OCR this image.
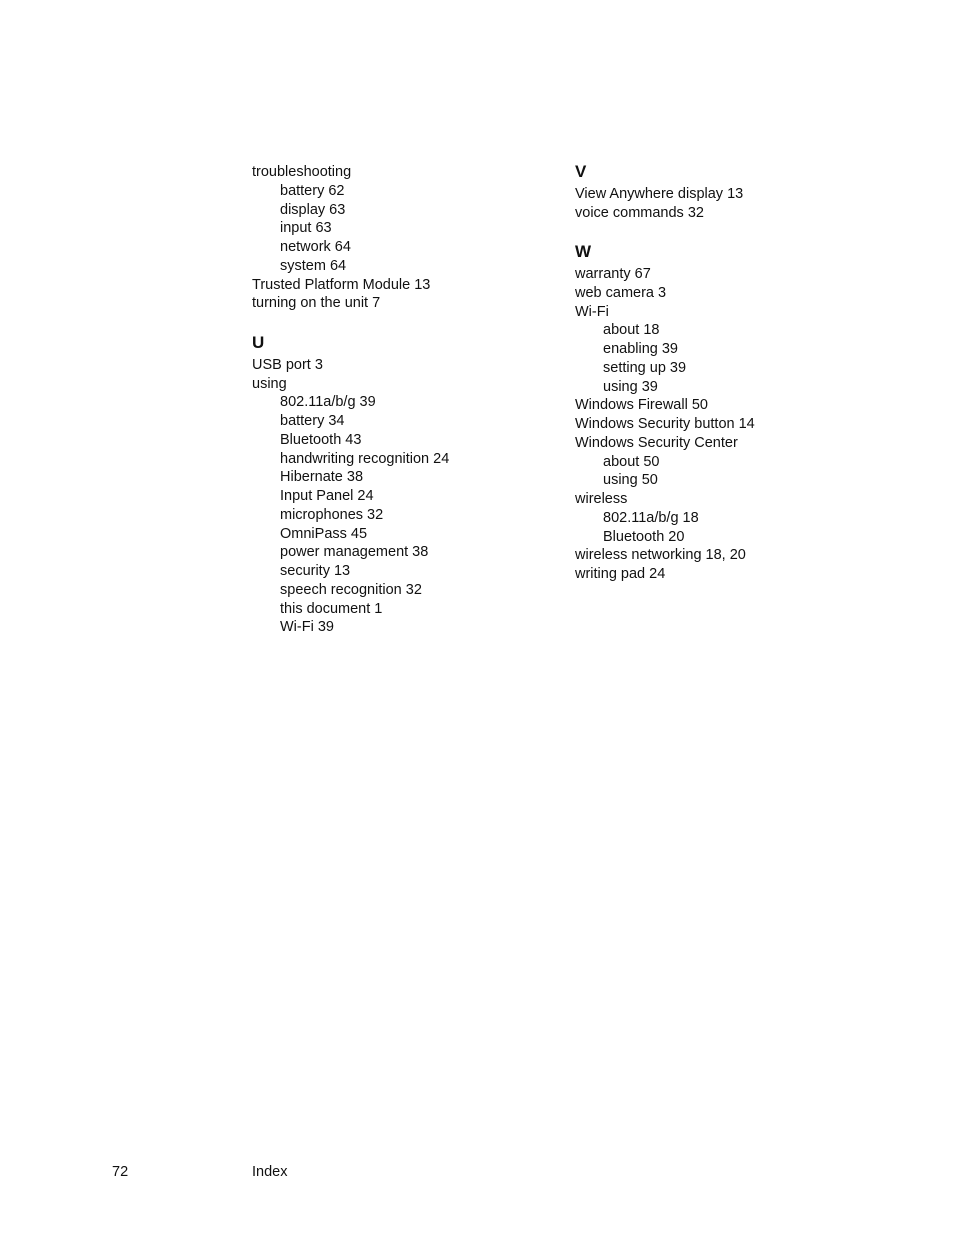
troubleshooting
battery 62
display 63
input 63
network 64
system 64
Trusted Platform Module 13
turning on the unit 7
U
USB port 3
using
802.11a/b/g 39
battery 34
Bluetooth 43
handwriting recognition 24
Hibernate 38
Input Panel 24
microphones 32
OmniPass 45
power management 38
security 13
speech recognition 32
this document 1
Wi-Fi 39
V
View Anywhere display 13
voice commands 32
W
warranty 67
web camera 3
Wi-Fi
about 18
enabling 39
setting up 39
using 39
Windows Firewall 50
Windows Security button 14
Windows Security Center
about 50
using 50
wireless
802.11a/b/g 18
Bluetooth 20
wireless networking 18, 20
writing pad 24
72	Index
